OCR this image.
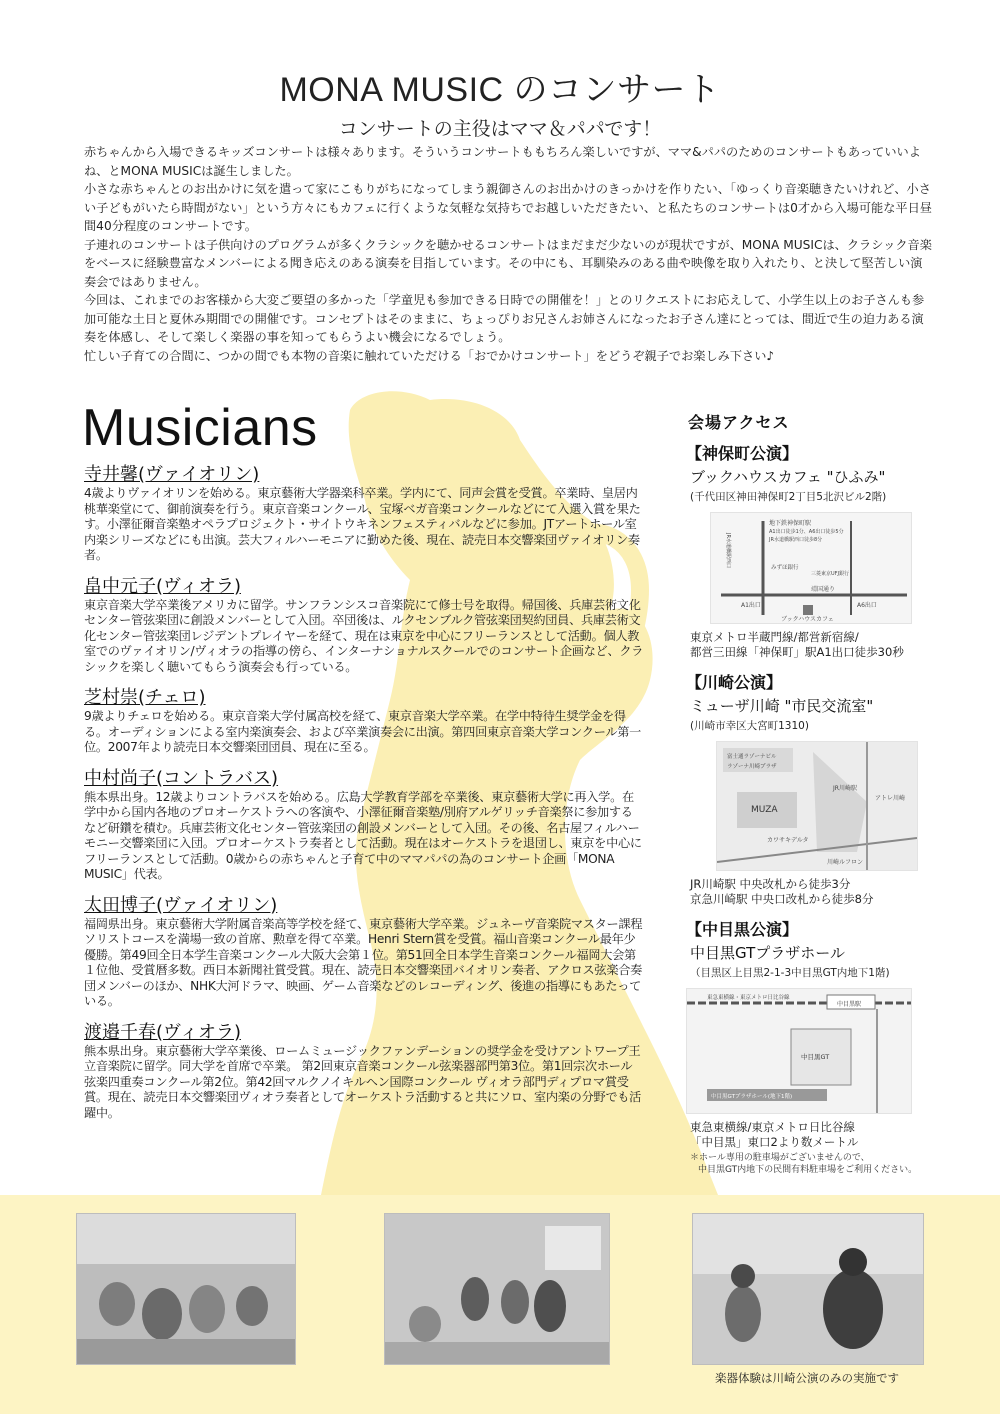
MONA MUSIC のコンサート
コンサートの主役はママ＆パパです！

赤ちゃんから入場できるキッズコンサートは様々あります。そういうコンサートももちろん楽しいですが、ママ&パパのためのコンサートもあっていいよね、とMONA MUSICは誕生しました。

小さな赤ちゃんとのお出かけに気を遣って家にこもりがちになってしまう親御さんのお出かけのきっかけを作りたい、「ゆっくり音楽聴きたいけれど、小さい子どもがいたら時間がない」という方々にもカフェに行くような気軽な気持ちでお越しいただきたい、と私たちのコンサートは0才から入場可能な平日昼間40分程度のコンサートです。

子連れのコンサートは子供向けのプログラムが多くクラシックを聴かせるコンサートはまだまだ少ないのが現状ですが、MONA MUSICは、クラシック音楽をベースに経験豊富なメンバーによる聞き応えのある演奏を目指しています。その中にも、耳馴染みのある曲や映像を取り入れたり、と決して堅苦しい演奏会ではありません。

今回は、これまでのお客様から大変ご要望の多かった「学童児も参加できる日時での開催を！」とのリクエストにお応えして、小学生以上のお子さんも参加可能な土日と夏休み期間での開催です。コンセプトはそのままに、ちょっぴりお兄さんお姉さんになったお子さん達にとっては、間近で生の迫力ある演奏を体感し、そして楽しく楽器の事を知ってもらうよい機会になるでしょう。

忙しい子育ての合間に、つかの間でも本物の音楽に触れていただける「おでかけコンサート」をどうぞ親子でお楽しみ下さい♪

Musicians
寺井馨(ヴァイオリン)

4歳よりヴァイオリンを始める。東京藝術大学器楽科卒業。学内にて、同声会賞を受賞。卒業時、皇居内桃華楽堂にて、御前演奏を行う。東京音楽コンクール、宝塚ベガ音楽コンクールなどにて入選入賞を果たす。小澤征爾音楽塾オペラプロジェクト・サイトウキネンフェスティバルなどに参加。JTアートホール室内楽シリーズなどにも出演。芸大フィルハーモニアに勤めた後、現在、読売日本交響楽団ヴァイオリン奏者。

畠中元子(ヴィオラ)

東京音楽大学卒業後アメリカに留学。サンフランシスコ音楽院にて修士号を取得。帰国後、兵庫芸術文化センター管弦楽団に創設メンバーとして入団。卒団後は、ルクセンブルク管弦楽団契約団員、兵庫芸術文化センター管弦楽団レジデントプレイヤーを経て、現在は東京を中心にフリーランスとして活動。個人教室でのヴァイオリン/ヴィオラの指導の傍ら、インターナショナルスクールでのコンサート企画など、クラシックを楽しく聴いてもらう演奏会も行っている。

芝村崇(チェロ)

9歳よりチェロを始める。東京音楽大学付属高校を経て、東京音楽大学卒業。在学中特待生奨学金を得る。オーディションによる室内楽演奏会、および卒業演奏会に出演。第四回東京音楽大学コンクール第一位。2007年より読売日本交響楽団団員、現在に至る。

中村尚子(コントラバス)

熊本県出身。12歳よりコントラバスを始める。広島大学教育学部を卒業後、東京藝術大学に再入学。在学中から国内各地のプロオーケストラへの客演や、小澤征爾音楽塾/別府アルゲリッチ音楽祭に参加するなど研鑽を積む。兵庫芸術文化センター管弦楽団の創設メンバーとして入団。その後、名古屋フィルハーモニー交響楽団に入団。プロオーケストラ奏者として活動。現在はオーケストラを退団し、東京を中心にフリーランスとして活動。0歳からの赤ちゃんと子育て中のママパパの為のコンサート企画「MONA MUSIC」代表。

太田博子(ヴァイオリン)

福岡県出身。東京藝術大学附属音楽高等学校を経て、東京藝術大学卒業。ジュネーヴ音楽院マスター課程ソリストコースを満場一致の首席、勲章を得て卒業。Henri Stern賞を受賞。福山音楽コンクール最年少優勝。第49回全日本学生音楽コンクール大阪大会第１位。第51回全日本学生音楽コンクール福岡大会第１位他、受賞暦多数。西日本新聞社賞受賞。現在、読売日本交響楽団バイオリン奏者、アクロス弦楽合奏団メンバーのほか、NHK大河ドラマ、映画、ゲーム音楽などのレコーディング、後進の指導にもあたっている。

渡邉千春(ヴィオラ)

熊本県出身。東京藝術大学卒業後、ロームミュージックファンデーションの奨学金を受けアントワープ王立音楽院に留学。同大学を首席で卒業。 第2回東京音楽コンクール弦楽器部門第3位。第1回宗次ホール弦楽四重奏コンクール第2位。第42回マルクノイキルヘン国際コンクール ヴィオラ部門ディプロマ賞受賞。現在、読売日本交響楽団ヴィオラ奏者としてオーケストラ活動すると共にソロ、室内楽の分野でも活躍中。

会場アクセス
【神保町公演】
ブックハウスカフェ "ひふみ"
(千代田区神田神保町2丁目5北沢ビル2階)
地下鉄神保町駅
A1出口徒歩1分、A6出口徒歩5分
JR水道橋駅西口徒歩8分
みずほ銀行
三菱東京UFJ銀行
靖国通り
A1出口	A6出口
ブックハウスカフェ
JR水道橋駅西口
東京メトロ半蔵門線/都営新宿線/
都営三田線「神保町」駅A1出口徒歩30秒
【川崎公演】
ミューザ川崎 "市民交流室"
(川崎市幸区大宮町1310)
富士通ラゾーナビル
ラゾーナ川崎プラザ
MUZA
JR川崎駅
アトレ川崎
カワサキデルタ
川崎ルフロン
JR川崎駅 中央改札から徒歩3分
京急川崎駅 中央口改札から徒歩8分
【中目黒公演】
中目黒GTプラザホール
（目黒区上目黒2-1-3中目黒GT内地下1階)
東急東横線・東京メトロ日比谷線
中目黒駅
中目黒GT
中目黒GTプラザホール(地下1階)
東急東横線/東京メトロ日比谷線
「中目黒」東口2より数メートル
＊ホール専用の駐車場がございませんので、
中目黒GT内地下の民間有料駐車場をご利用ください。
楽器体験は川崎公演のみの実施です
